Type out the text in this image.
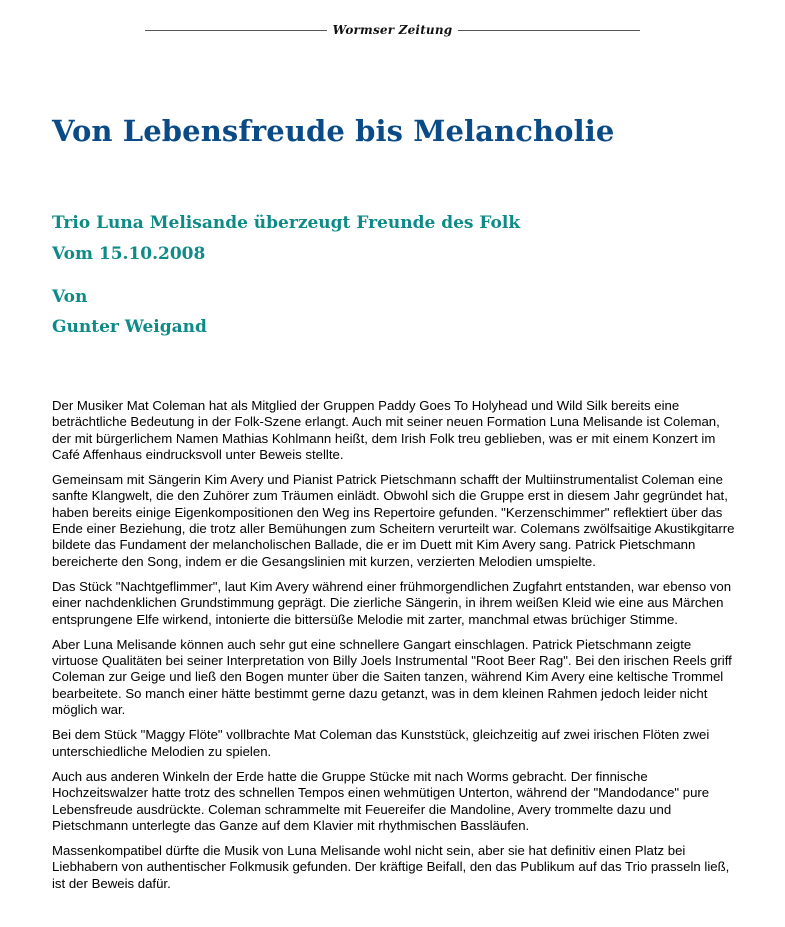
Wormser Zeitung
Von Lebensfreude bis Melancholie
Trio Luna Melisande überzeugt Freunde des Folk
Vom 15.10.2008
Von
Gunter Weigand

Der Musiker Mat Coleman hat als Mitglied der Gruppen Paddy Goes To Holyhead und Wild Silk bereits eine beträchtliche Bedeutung in der Folk-Szene erlangt. Auch mit seiner neuen Formation Luna Melisande ist Coleman, der mit bürgerlichem Namen Mathias Kohlmann heißt, dem Irish Folk treu geblieben, was er mit einem Konzert im Café Affenhaus eindrucksvoll unter Beweis stellte.

Gemeinsam mit Sängerin Kim Avery und Pianist Patrick Pietschmann schafft der Multiinstrumentalist Coleman eine sanfte Klangwelt, die den Zuhörer zum Träumen einlädt. Obwohl sich die Gruppe erst in diesem Jahr gegründet hat, haben bereits einige Eigenkompositionen den Weg ins Repertoire gefunden. "Kerzenschimmer" reflektiert über das Ende einer Beziehung, die trotz aller Bemühungen zum Scheitern verurteilt war. Colemans zwölfsaitige Akustikgitarre bildete das Fundament der melancholischen Ballade, die er im Duett mit Kim Avery sang. Patrick Pietschmann bereicherte den Song, indem er die Gesangslinien mit kurzen, verzierten Melodien umspielte.

Das Stück "Nachtgeflimmer", laut Kim Avery während einer frühmorgendlichen Zugfahrt entstanden, war ebenso von einer nachdenklichen Grundstimmung geprägt. Die zierliche Sängerin, in ihrem weißen Kleid wie eine aus Märchen entsprungene Elfe wirkend, intonierte die bittersüße Melodie mit zarter, manchmal etwas brüchiger Stimme.

Aber Luna Melisande können auch sehr gut eine schnellere Gangart einschlagen. Patrick Pietschmann zeigte virtuose Qualitäten bei seiner Interpretation von Billy Joels Instrumental "Root Beer Rag". Bei den irischen Reels griff Coleman zur Geige und ließ den Bogen munter über die Saiten tanzen, während Kim Avery eine keltische Trommel bearbeitete. So manch einer hätte bestimmt gerne dazu getanzt, was in dem kleinen Rahmen jedoch leider nicht möglich war.

Bei dem Stück "Maggy Flöte" vollbrachte Mat Coleman das Kunststück, gleichzeitig auf zwei irischen Flöten zwei unterschiedliche Melodien zu spielen.

Auch aus anderen Winkeln der Erde hatte die Gruppe Stücke mit nach Worms gebracht. Der finnische Hochzeitswalzer hatte trotz des schnellen Tempos einen wehmütigen Unterton, während der "Mandodance" pure Lebensfreude ausdrückte. Coleman schrammelte mit Feuereifer die Mandoline, Avery trommelte dazu und Pietschmann unterlegte das Ganze auf dem Klavier mit rhythmischen Bassläufen.

Massenkompatibel dürfte die Musik von Luna Melisande wohl nicht sein, aber sie hat definitiv einen Platz bei Liebhabern von authentischer Folkmusik gefunden. Der kräftige Beifall, den das Publikum auf das Trio prasseln ließ, ist der Beweis dafür.
